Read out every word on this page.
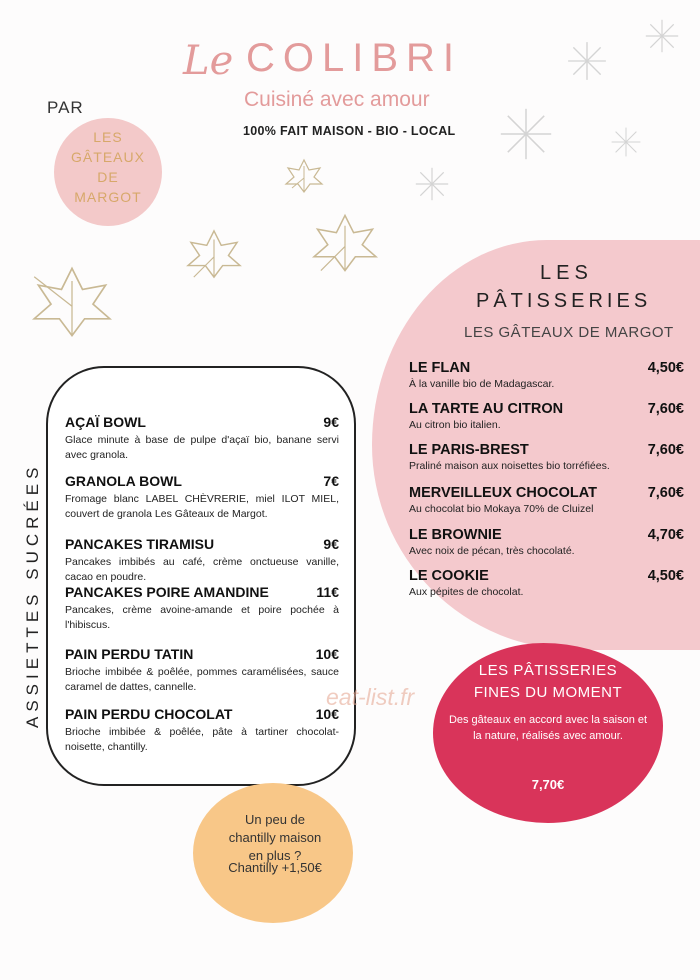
Le COLIBRI
Cuisiné avec amour
100% FAIT MAISON - BIO - LOCAL
PAR
LES
GÂTEAUX
DE
MARGOT
LES
PÂTISSERIES
LES GÂTEAUX DE MARGOT
LE FLAN	4,50€
À la vanille bio de Madagascar.
LA TARTE AU CITRON	7,60€
Au citron bio italien.
LE PARIS-BREST	7,60€
Praliné maison aux noisettes bio torréfiées.
MERVEILLEUX CHOCOLAT	7,60€
Au chocolat bio Mokaya 70% de Cluizel
LE BROWNIE	4,70€
Avec noix de pécan, très chocolaté.
LE COOKIE	4,50€
Aux pépites de chocolat.
ASSIETTES SUCRÉES
AÇAÏ BOWL	9€
Glace minute à base de pulpe d'açaï bio, banane servi avec granola.
GRANOLA BOWL	7€
Fromage blanc LABEL CHÈVRERIE, miel ILOT MIEL, couvert de granola Les Gâteaux de Margot.
PANCAKES TIRAMISU	9€
Pancakes imbibés au café, crème onctueuse vanille, cacao en poudre.
PANCAKES POIRE AMANDINE	11€
Pancakes, crème avoine-amande et poire pochée à l'hibiscus.
PAIN PERDU TATIN	10€
Brioche imbibée & poêlée, pommes caramélisées, sauce caramel de dattes, cannelle.
PAIN PERDU CHOCOLAT	10€
Brioche imbibée & poêlée, pâte à tartiner chocolat-noisette, chantilly.
LES PÂTISSERIES
FINES DU MOMENT
Des gâteaux en accord avec la saison et la nature, réalisés avec amour.
7,70€
Un peu de
chantilly maison
en plus ?
Chantilly +1,50€
eat-list.fr
